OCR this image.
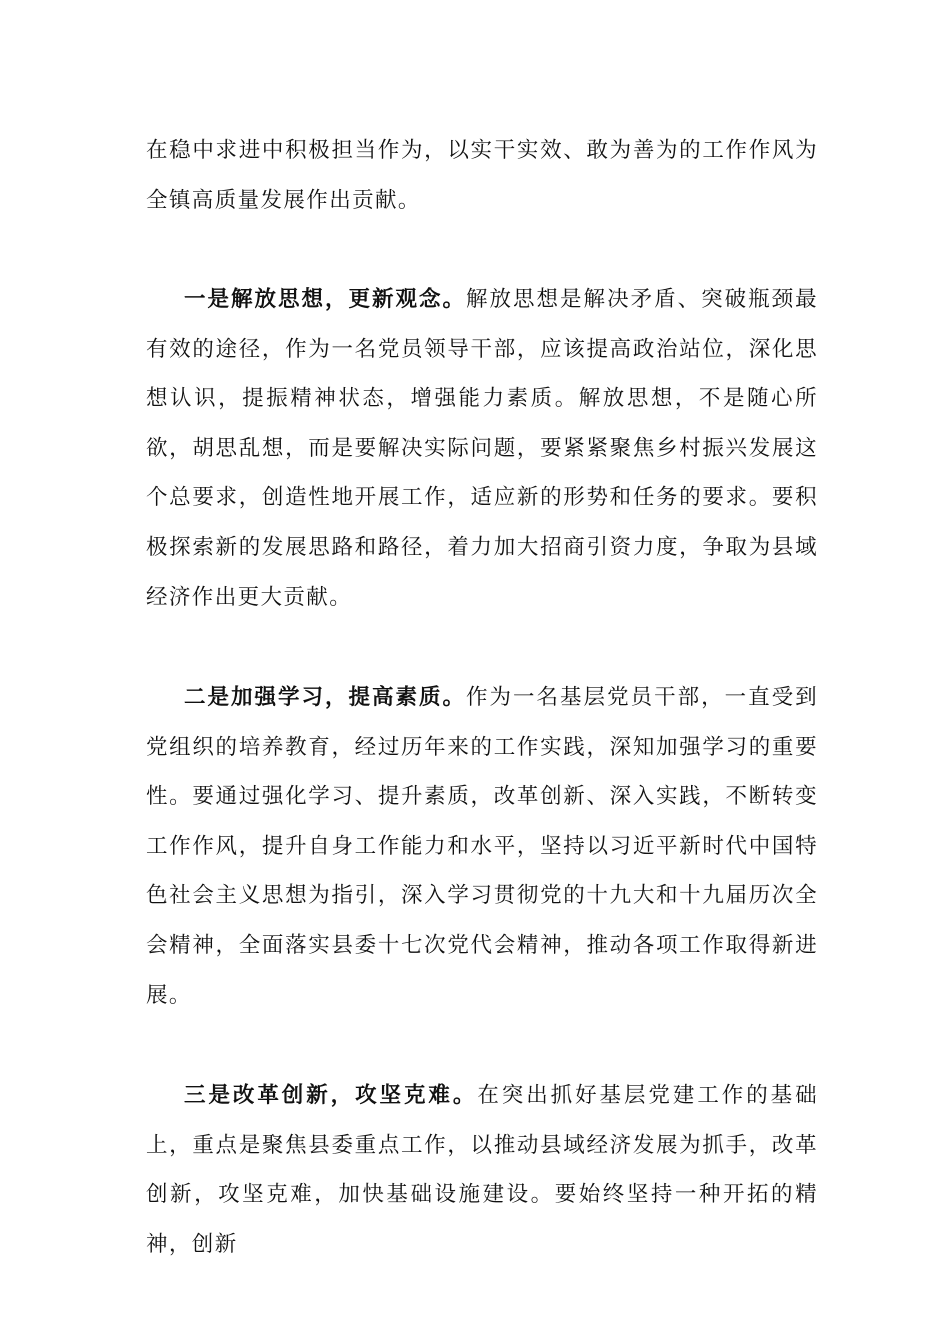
在稳中求进中积极担当作为，以实干实效、敢为善为的工作作风为全镇高质量发展作出贡献。

一是解放思想，更新观念。解放思想是解决矛盾、突破瓶颈最有效的途径，作为一名党员领导干部，应该提高政治站位，深化思想认识，提振精神状态，增强能力素质。解放思想，不是随心所欲，胡思乱想，而是要解决实际问题，要紧紧聚焦乡村振兴发展这个总要求，创造性地开展工作，适应新的形势和任务的要求。要积极探索新的发展思路和路径，着力加大招商引资力度，争取为县域经济作出更大贡献。

二是加强学习，提高素质。作为一名基层党员干部，一直受到党组织的培养教育，经过历年来的工作实践，深知加强学习的重要性。要通过强化学习、提升素质，改革创新、深入实践，不断转变工作作风，提升自身工作能力和水平，坚持以习近平新时代中国特色社会主义思想为指引，深入学习贯彻党的十九大和十九届历次全会精神，全面落实县委十七次党代会精神，推动各项工作取得新进展。

三是改革创新，攻坚克难。在突出抓好基层党建工作的基础上，重点是聚焦县委重点工作，以推动县域经济发展为抓手，改革创新，攻坚克难，加快基础设施建设。要始终坚持一种开拓的精神，创新
